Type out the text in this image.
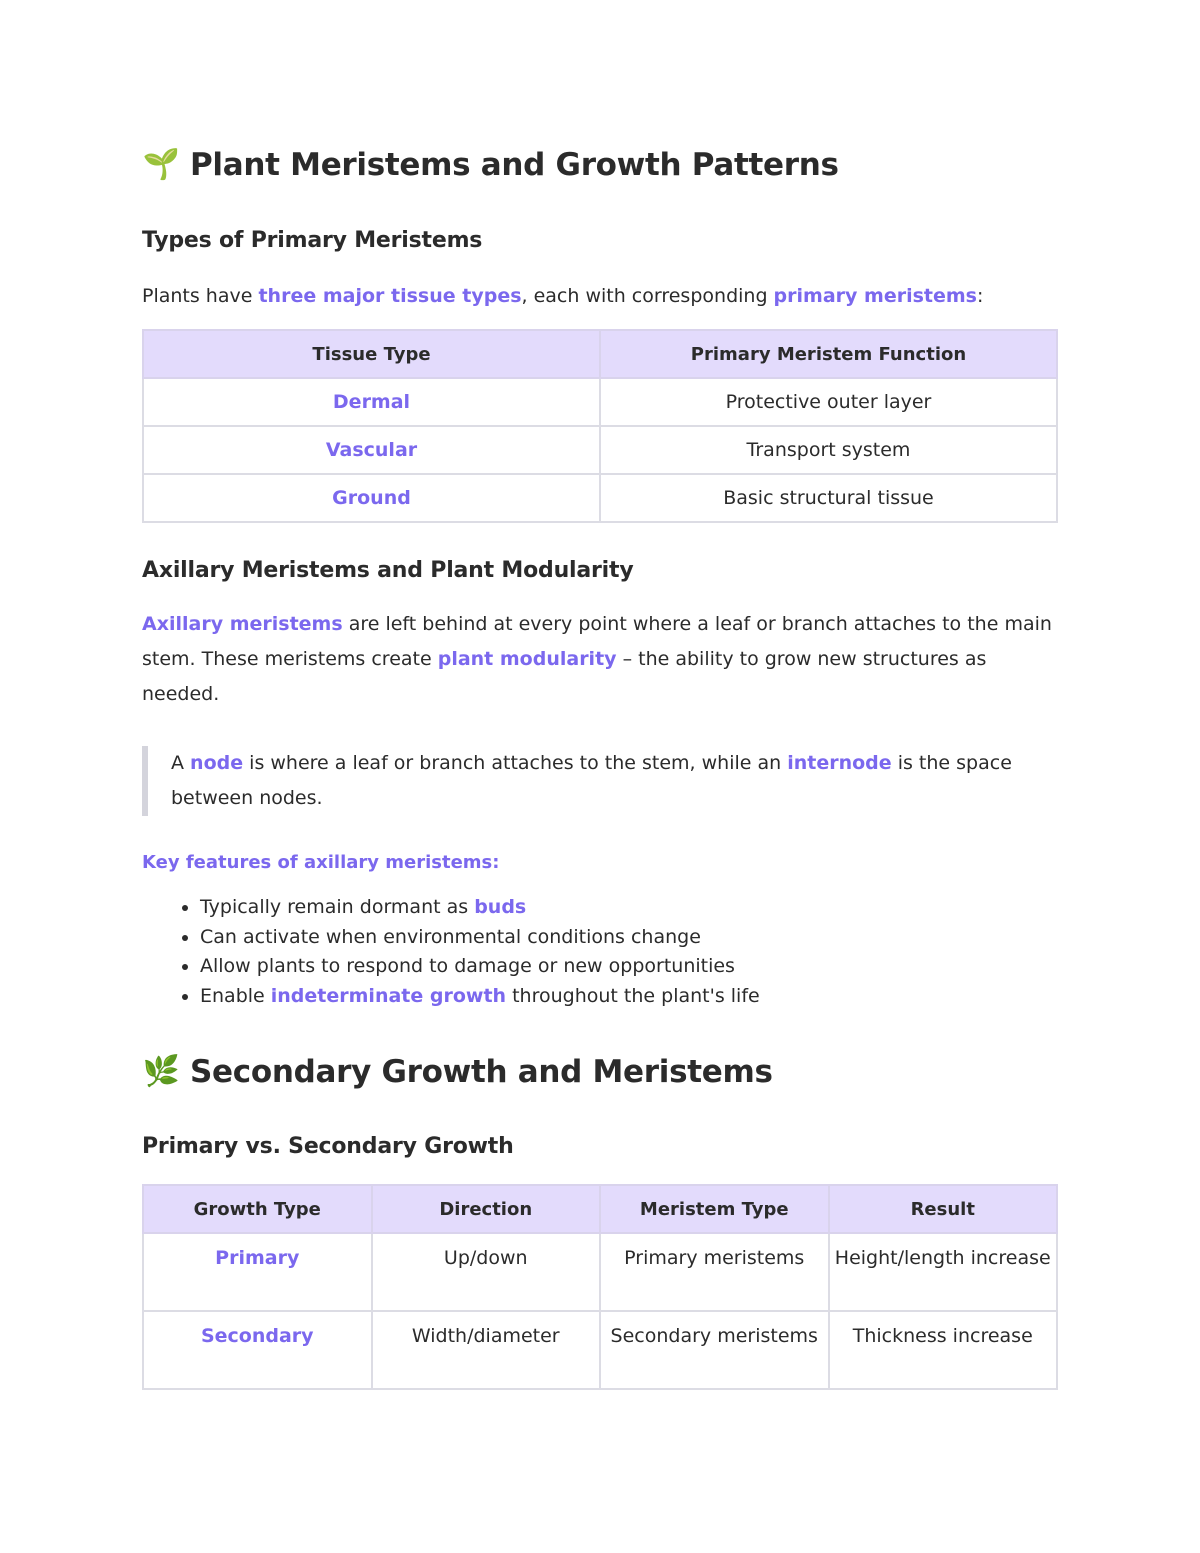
🌱 Plant Meristems and Growth Patterns
Types of Primary Meristems

Plants have three major tissue types, each with corresponding primary meristems:

Tissue Type	Primary Meristem Function
Dermal	Protective outer layer
Vascular	Transport system
Ground	Basic structural tissue
Axillary Meristems and Plant Modularity

Axillary meristems are left behind at every point where a leaf or branch attaches to the main stem. These meristems create plant modularity – the ability to grow new structures as needed.

A node is where a leaf or branch attaches to the stem, while an internode is the space between nodes.

Key features of axillary meristems:
• Typically remain dormant as buds
• Can activate when environmental conditions change
• Allow plants to respond to damage or new opportunities
• Enable indeterminate growth throughout the plant's life
🌿 Secondary Growth and Meristems
Primary vs. Secondary Growth
Growth Type	Direction	Meristem Type	Result
Primary	Up/down	Primary meristems	Height/length increase
Secondary	Width/diameter	Secondary meristems	Thickness increase
